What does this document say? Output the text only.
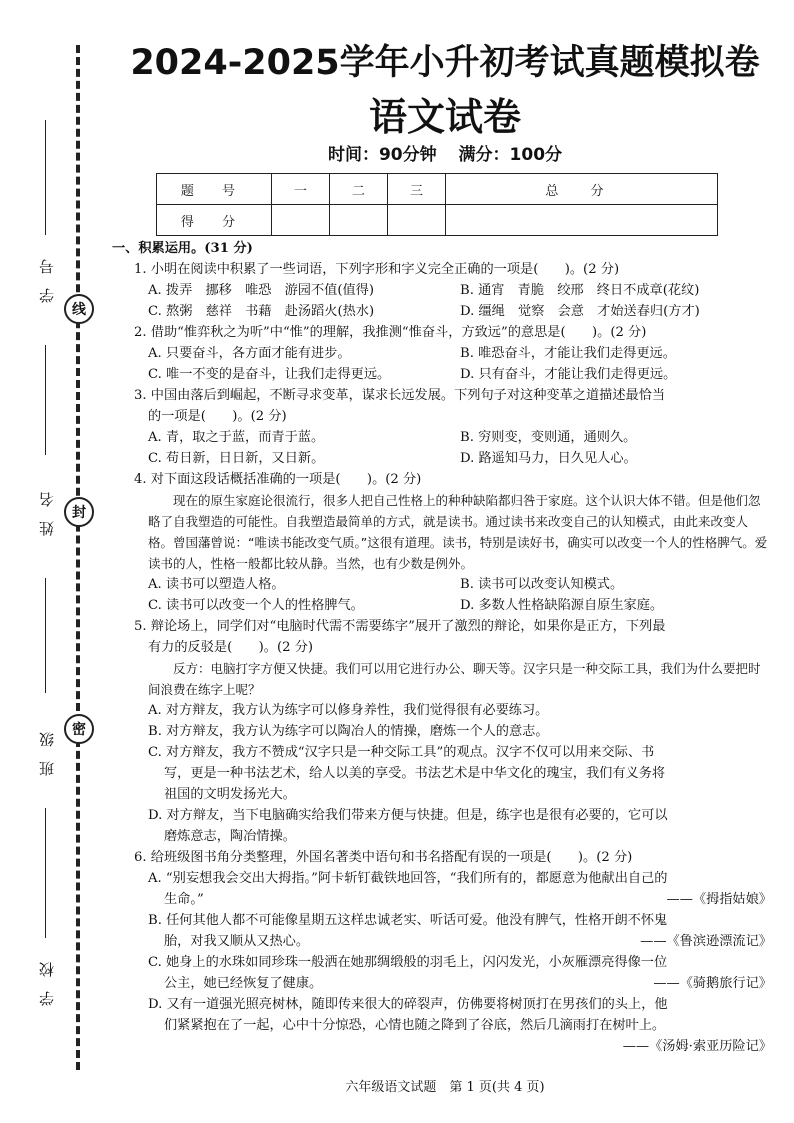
学号
姓名
班级
学校
线
封
密
2024-2025学年小升初考试真题模拟卷
语文试卷
时间：90分钟 满分：100分
题 号	一	二	三	总 分
得 分				
一、积累运用。(31 分)
1. 小明在阅读中积累了一些词语，下列字形和字义完全正确的一项是(　　)。(2 分)
A. 拨弄　挪移　唯恐　游园不值(值得)	B. 通宵　青脆　绞邢　终日不成章(花纹)
C. 熬粥　慈祥　书藉　赴汤蹈火(热水)	D. 缰绳　觉察　会意　才始送春归(方才)
2. 借助“惟弈秋之为听”中“惟”的理解，我推测“惟奋斗，方致远”的意思是(　　)。(2 分)
A. 只要奋斗，各方面才能有进步。	B. 唯恐奋斗，才能让我们走得更远。
C. 唯一不变的是奋斗，让我们走得更远。	D. 只有奋斗，才能让我们走得更远。
3. 中国由落后到崛起，不断寻求变革，谋求长远发展。下列句子对这种变革之道描述最恰当
的一项是(　　)。(2 分)
A. 青，取之于蓝，而青于蓝。	B. 穷则变，变则通，通则久。
C. 苟日新，日日新，又日新。	D. 路遥知马力，日久见人心。
4. 对下面这段话概括准确的一项是(　　)。(2 分)
现在的原生家庭论很流行，很多人把自己性格上的种种缺陷都归咎于家庭。这个认识大体不错。但是他们忽略了自我塑造的可能性。自我塑造最简单的方式，就是读书。通过读书来改变自己的认知模式，由此来改变人格。曾国藩曾说：“唯读书能改变气质。”这很有道理。读书，特别是读好书，确实可以改变一个人的性格脾气。爱读书的人，性格一般都比较从静。当然，也有少数是例外。
A. 读书可以塑造人格。	B. 读书可以改变认知模式。
C. 读书可以改变一个人的性格脾气。	D. 多数人性格缺陷源自原生家庭。
5. 辩论场上，同学们对“电脑时代需不需要练字”展开了激烈的辩论，如果你是正方，下列最
有力的反驳是(　　)。(2 分)
反方：电脑打字方便又快捷。我们可以用它进行办公、聊天等。汉字只是一种交际工具，我们为什么要把时间浪费在练字上呢？
A. 对方辩友，我方认为练字可以修身养性，我们觉得很有必要练习。
B. 对方辩友，我方认为练字可以陶冶人的情操，磨炼一个人的意志。
C. 对方辩友，我方不赞成“汉字只是一种交际工具”的观点。汉字不仅可以用来交际、书
写，更是一种书法艺术，给人以美的享受。书法艺术是中华文化的瑰宝，我们有义务将
祖国的文明发扬光大。
D. 对方辩友，当下电脑确实给我们带来方便与快捷。但是，练字也是很有必要的，它可以
磨炼意志，陶冶情操。
6. 给班级图书角分类整理，外国名著类中语句和书名搭配有误的一项是(　　)。(2 分)
A. “别妄想我会交出大拇指。”阿卡斩钉截铁地回答，“我们所有的，都愿意为他献出自己的
生命。”	——《拇指姑娘》
B. 任何其他人都不可能像星期五这样忠诚老实、听话可爱。他没有脾气，性格开朗不怀鬼
胎，对我又顺从又热心。	——《鲁滨逊漂流记》
C. 她身上的水珠如同珍珠一般洒在她那绸缎般的羽毛上，闪闪发光，小灰雁漂亮得像一位
公主，她已经恢复了健康。	——《骑鹅旅行记》
D. 又有一道强光照亮树林，随即传来很大的碎裂声，仿佛要将树顶打在男孩们的头上，他
们紧紧抱在了一起，心中十分惊恐，心情也随之降到了谷底，然后几滴雨打在树叶上。
——《汤姆·索亚历险记》
六年级语文试题　第 1 页(共 4 页)
